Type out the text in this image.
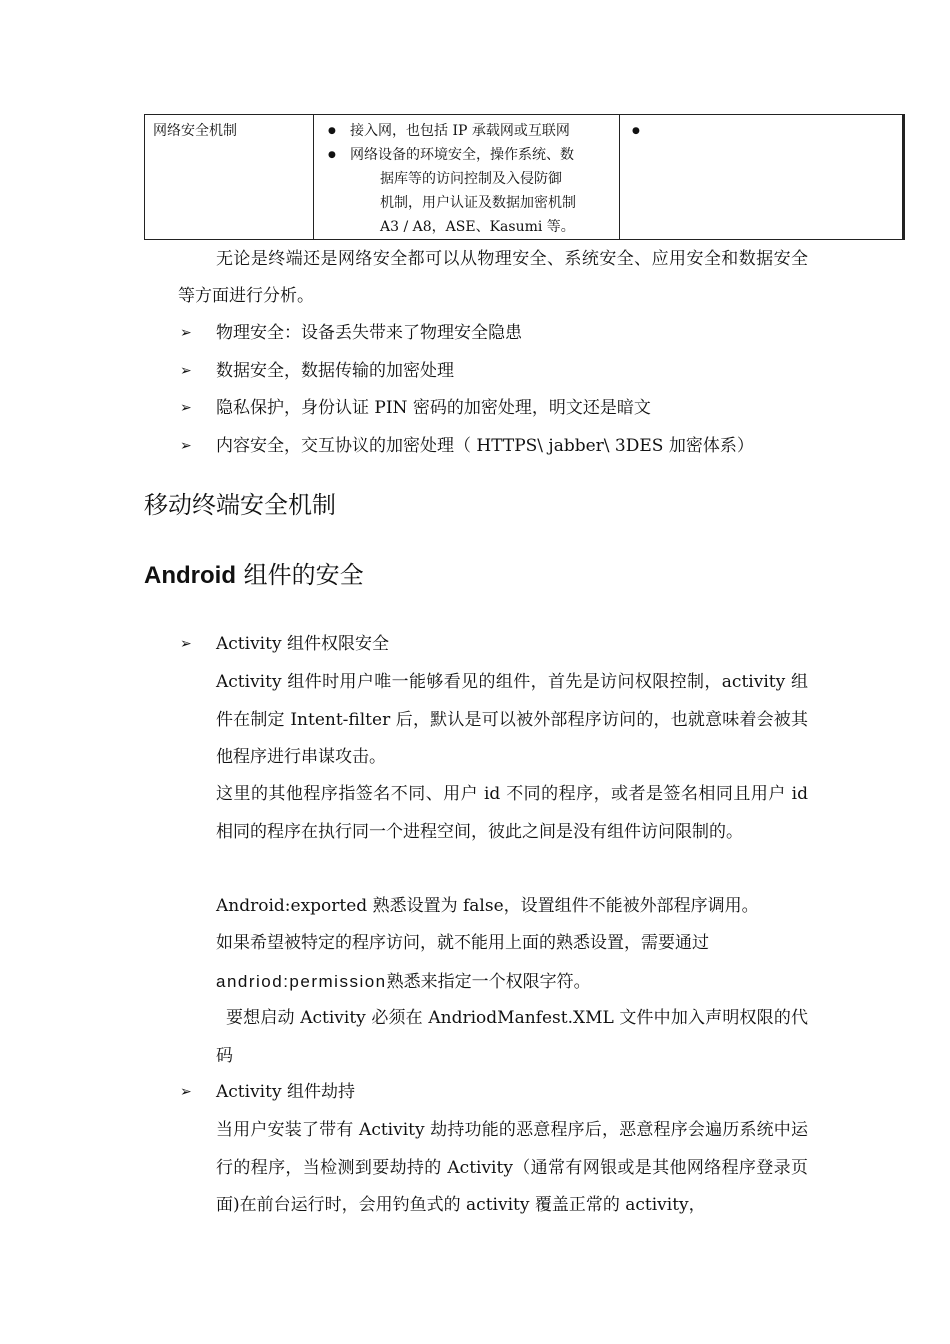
网络安全机制
●	接入网，也包括 IP 承载网或互联网
● 网络设备的环境安全，操作系统、数
据库等的访问控制及入侵防御
机制，用户认证及数据加密机制
A3 / A8，ASE、Kasumi 等。
无论是终端还是网络安全都可以从物理安全、系统安全、应用安全和数据安全等方面进行分析。
➢ 物理安全：设备丢失带来了物理安全隐患
➢ 数据安全，数据传输的加密处理
➢ 隐私保护，身份认证 PIN 密码的加密处理，明文还是暗文
➢ 内容安全，交互协议的加密处理（ HTTPS\ jabber\ 3DES 加密体系）
移动终端安全机制
Android 组件的安全
➢ Activity 组件权限安全
Activity 组件时用户唯一能够看见的组件，首先是访问权限控制，activity 组件在制定 Intent-filter 后，默认是可以被外部程序访问的，也就意味着会被其他程序进行串谋攻击。
这里的其他程序指签名不同、用户 id 不同的程序，或者是签名相同且用户 id 相同的程序在执行同一个进程空间，彼此之间是没有组件访问限制的。
Android:exported 熟悉设置为 false，设置组件不能被外部程序调用。
如果希望被特定的程序访问，就不能用上面的熟悉设置，需要通过
andriod:permission熟悉来指定一个权限字符。
要想启动 Activity 必须在 AndriodManfest.XML 文件中加入声明权限的代码
➢ Activity 组件劫持
当用户安装了带有 Activity 劫持功能的恶意程序后，恶意程序会遍历系统中运行的程序，当检测到要劫持的 Activity（通常有网银或是其他网络程序登录页面)在前台运行时，会用钓鱼式的 activity 覆盖正常的 activity，
